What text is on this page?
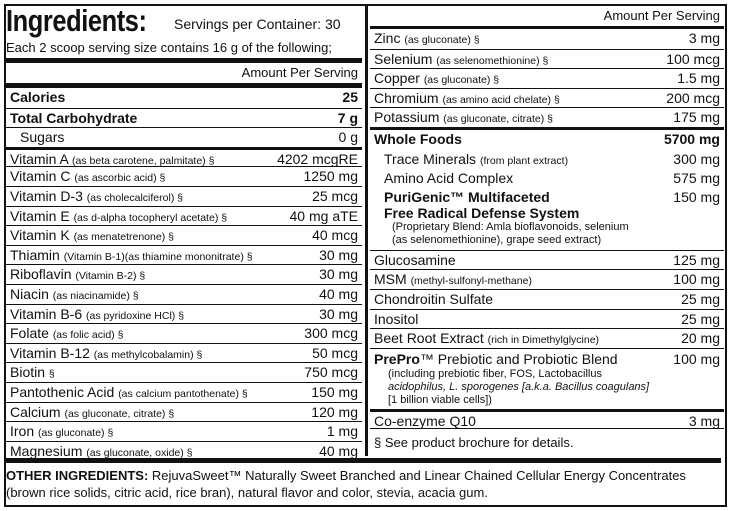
Ingredients: Servings per Container: 30
Each 2 scoop serving size contains 16 g of the following;
Amount Per Serving
Calories	25
Total Carbohydrate	7 g
Sugars	0 g
Vitamin A (as beta carotene, palmitate) §	4202 mcgRE
Vitamin C (as ascorbic acid) §	1250 mg
Vitamin D-3 (as cholecalciferol) §	25 mcg
Vitamin E (as d-alpha tocopheryl acetate) §	40 mg aTE
Vitamin K (as menatetrenone) §	40 mcg
Thiamin (Vitamin B-1)(as thiamine mononitrate) §	30 mg
Riboflavin (Vitamin B-2) §	30 mg
Niacin (as niacinamide) §	40 mg
Vitamin B-6 (as pyridoxine HCl) §	30 mg
Folate (as folic acid) §	300 mcg
Vitamin B-12 (as methylcobalamin) §	50 mcg
Biotin §	750 mcg
Pantothenic Acid (as calcium pantothenate) §	150 mg
Calcium (as gluconate, citrate) §	120 mg
Iron (as gluconate) §	1 mg
Magnesium (as gluconate, oxide) §	40 mg
Amount Per Serving
Zinc (as gluconate) §	3 mg
Selenium (as selenomethionine) §	100 mcg
Copper (as gluconate) §	1.5 mg
Chromium (as amino acid chelate) §	200 mcg
Potassium (as gluconate, citrate) §	175 mg
Whole Foods	5700 mg
Trace Minerals (from plant extract)	300 mg
Amino Acid Complex	575 mg
PuriGenic™ Multifaceted
Free Radical Defense System
(Proprietary Blend: Amla bioflavonoids, selenium
(as selenomethionine), grape seed extract)
150 mg
Glucosamine	125 mg
MSM (methyl-sulfonyl-methane)	100 mg
Chondroitin Sulfate	25 mg
Inositol	25 mg
Beet Root Extract (rich in Dimethylglycine)	20 mg
PrePro™ Prebiotic and Probiotic Blend
(including prebiotic fiber, FOS, Lactobacillus
acidophilus, L. sporogenes [a.k.a. Bacillus coagulans]
[1 billion viable cells])
100 mg
Co-enzyme Q10	3 mg
§ See product brochure for details.
OTHER INGREDIENTS: RejuvaSweet™ Naturally Sweet Branched and Linear Chained Cellular Energy Concentrates (brown rice solids, citric acid, rice bran), natural flavor and color, stevia, acacia gum.
